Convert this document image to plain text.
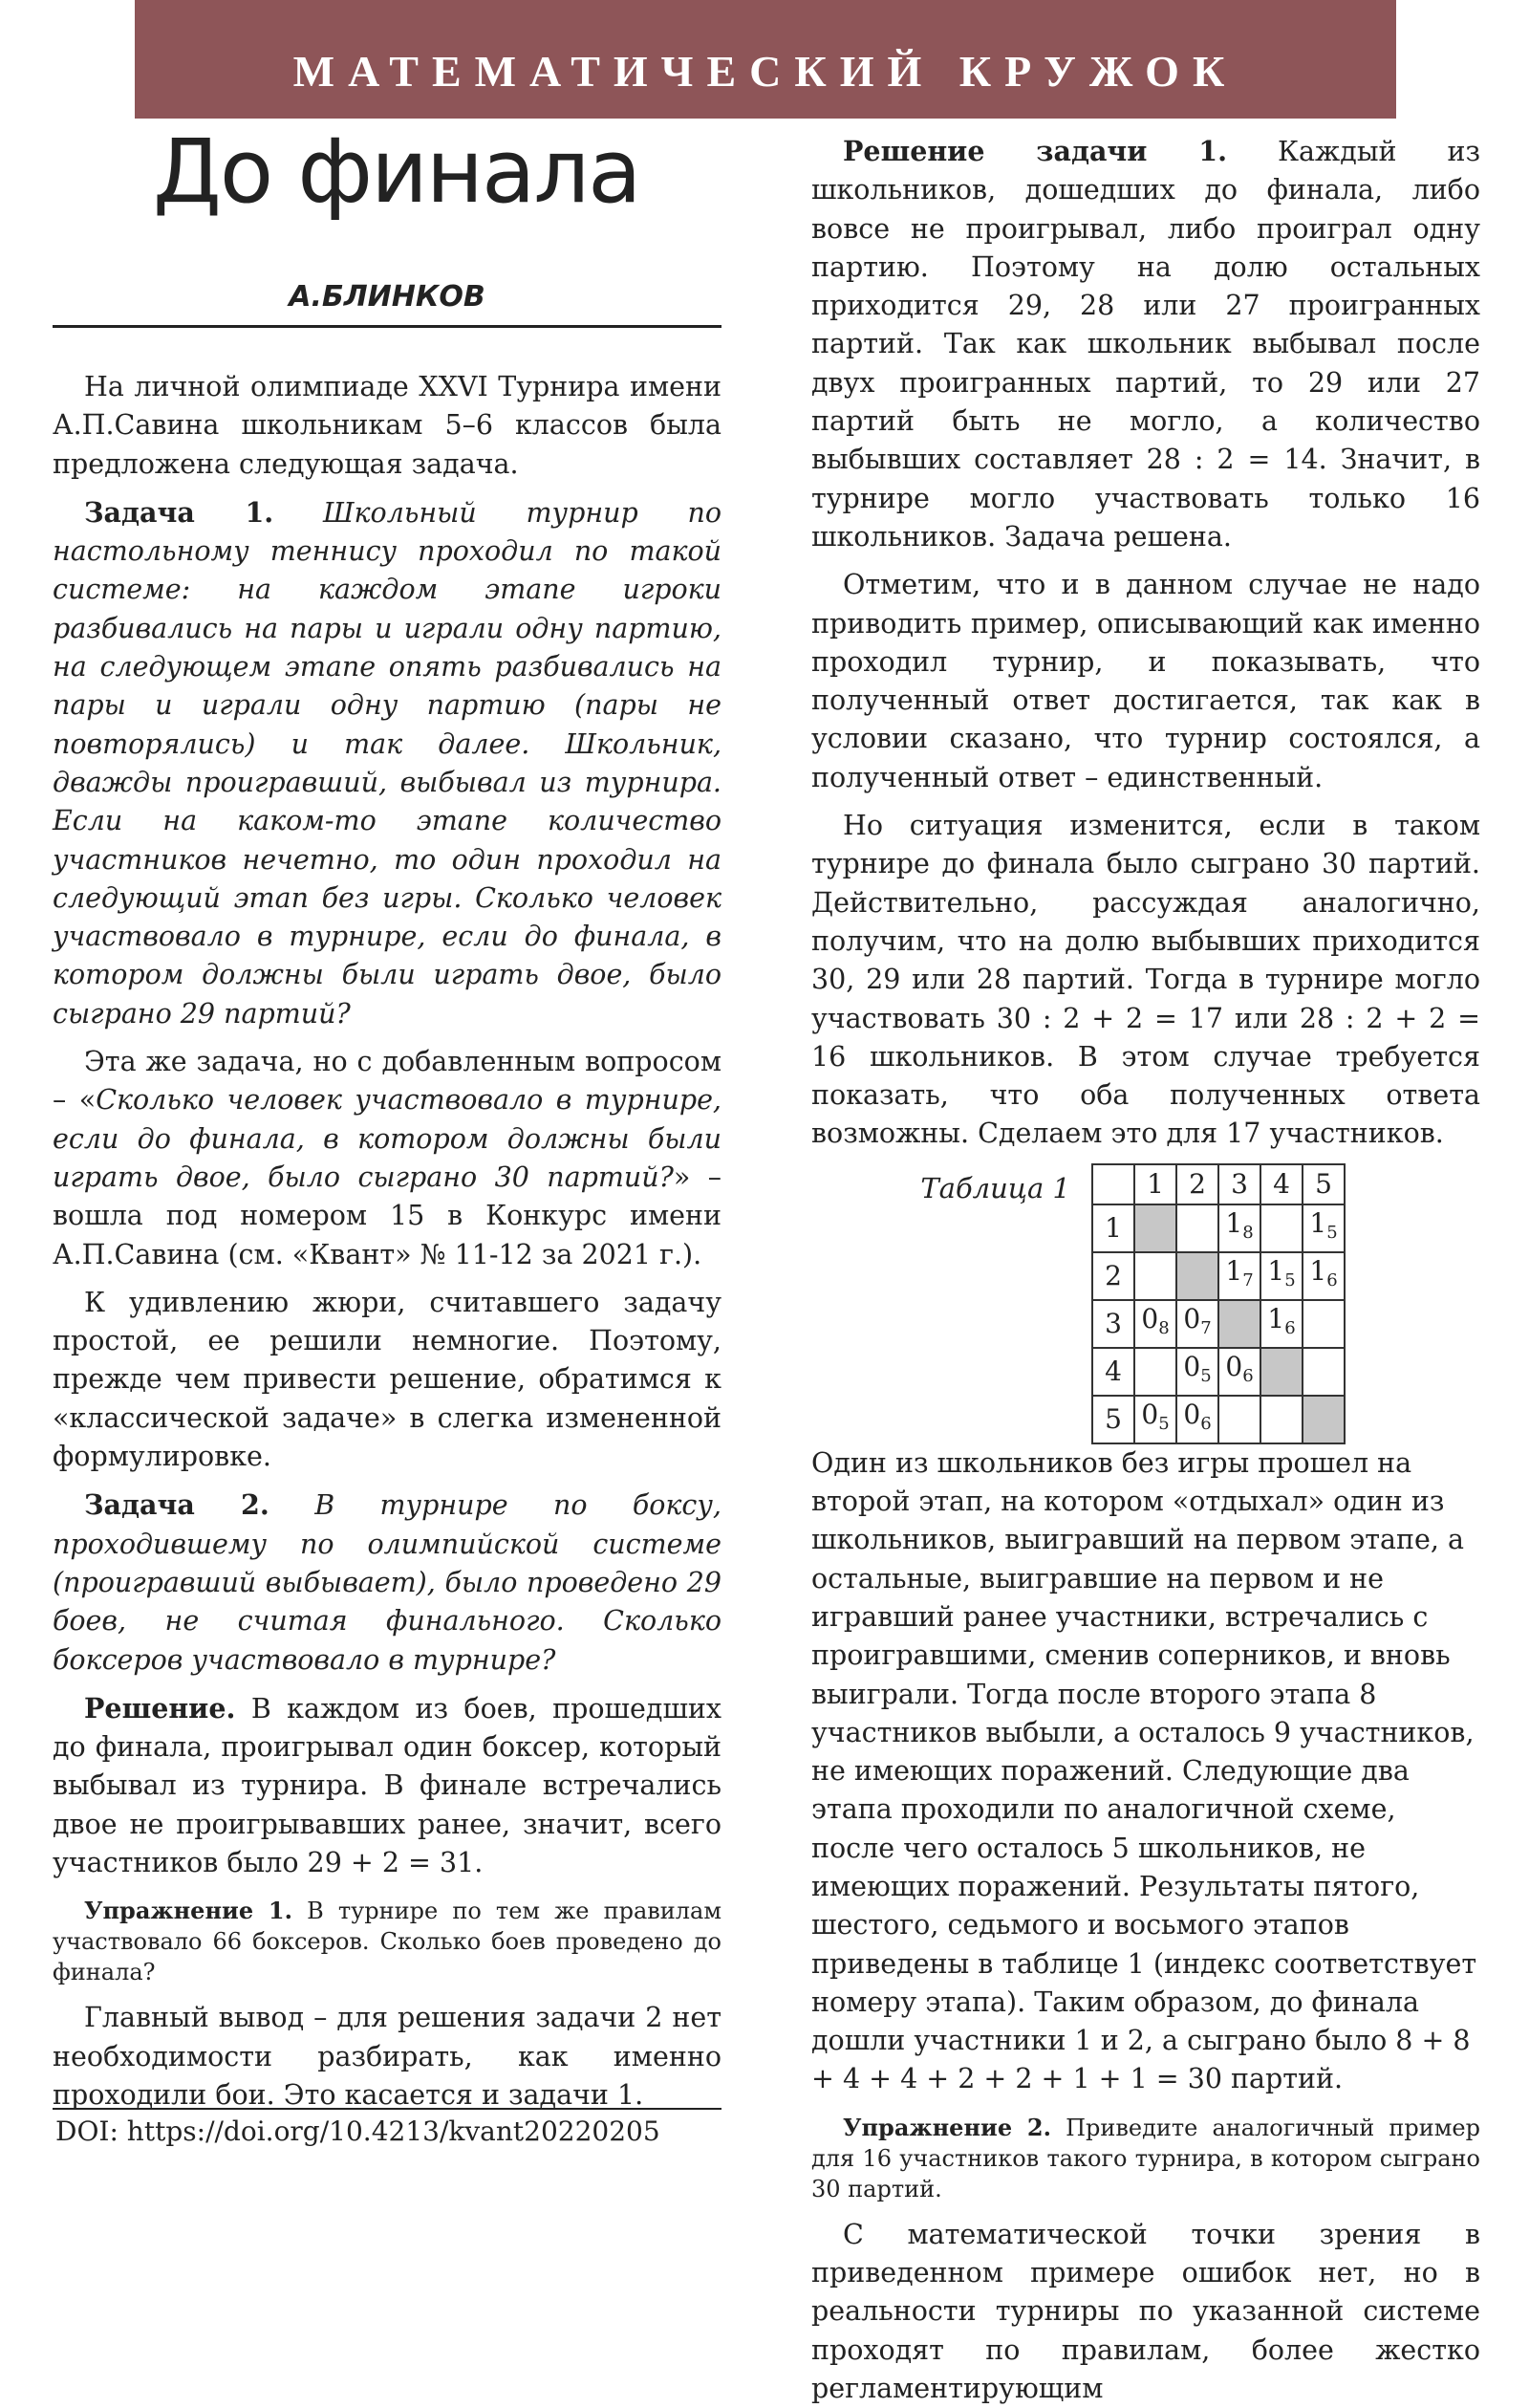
МАТЕМАТИЧЕСКИЙ КРУЖОК
До финала
А.БЛИНКОВ

На личной олимпиаде XXVI Турнира имени А.П.Савина школьникам 5–6 классов была предложена следующая задача.

Задача 1. Школьный турнир по настольному теннису проходил по такой системе: на каждом этапе игроки разбивались на пары и играли одну партию, на следующем этапе опять разбивались на пары и играли одну партию (пары не повторялись) и так далее. Школьник, дважды проигравший, выбывал из турнира. Если на каком-то этапе количество участников нечетно, то один проходил на следующий этап без игры. Сколько человек участвовало в турнире, если до финала, в котором должны были играть двое, было сыграно 29 партий?

Эта же задача, но с добавленным вопросом – «Сколько человек участвовало в турнире, если до финала, в котором должны были играть двое, было сыграно 30 партий?» – вошла под номером 15 в Конкурс имени А.П.Савина (см. «Квант» № 11-12 за 2021 г.).

К удивлению жюри, считавшего задачу простой, ее решили немногие. Поэтому, прежде чем привести решение, обратимся к «классической задаче» в слегка измененной формулировке.

Задача 2. В турнире по боксу, проходившему по олимпийской системе (проигравший выбывает), было проведено 29 боев, не считая финального. Сколько боксеров участвовало в турнире?

Решение. В каждом из боев, прошедших до финала, проигрывал один боксер, который выбывал из турнира. В финале встречались двое не проигрывавших ранее, значит, всего участников было 29 + 2 = 31.

Упражнение 1. В турнире по тем же правилам участвовало 66 боксеров. Сколько боев проведено до финала?

Главный вывод – для решения задачи 2 нет необходимости разбирать, как именно проходили бои. Это касается и задачи 1.

Решение задачи 1. Каждый из школьников, дошедших до финала, либо вовсе не проигрывал, либо проиграл одну партию. Поэтому на долю остальных приходится 29, 28 или 27 проигранных партий. Так как школьник выбывал после двух проигранных партий, то 29 или 27 партий быть не могло, а количество выбывших составляет 28 : 2 = 14. Значит, в турнире могло участвовать только 16 школьников. Задача решена.

Отметим, что и в данном случае не надо приводить пример, описывающий как именно проходил турнир, и показывать, что полученный ответ достигается, так как в условии сказано, что турнир состоялся, а полученный ответ – единственный.

Но ситуация изменится, если в таком турнире до финала было сыграно 30 партий. Действительно, рассуждая аналогично, получим, что на долю выбывших приходится 30, 29 или 28 партий. Тогда в турнире могло участвовать 30 : 2 + 2 = 17 или 28 : 2 + 2 = 16 школьников. В этом случае требуется показать, что оба полученных ответа возможны. Сделаем это для 17 участников.

Таблица 1

		1	2	3	4	5
1			$1_8$		$1_5$
2			$1_7$	$1_5$	$1_6$
3	$0_8$	$0_7$		$1_6$	
4		$0_5$	$0_6$		
5	$0_5$	$0_6$			
Один из школьников без игры прошел на второй этап, на котором «отдыхал» один из школьников, выигравший на первом этапе, а остальные, выигравшие на первом и не игравший ранее участники, встречались с проигравшими, сменив соперников, и вновь выиграли. Тогда после второго этапа 8 участников выбыли, а осталось 9 участников, не имеющих поражений. Следующие два этапа проходили по аналогичной схеме, после чего осталось 5 школьников, не имеющих поражений. Результаты пятого, шестого, седьмого и восьмого этапов приведены в таблице 1 (индекс соответствует номеру этапа). Таким образом, до финала дошли участники 1 и 2, а сыграно было 8 + 8 + 4 + 4 + 2 + 2 + 1 + 1 = 30 партий.

Упражнение 2. Приведите аналогичный пример для 16 участников такого турнира, в котором сыграно 30 партий.

С математической точки зрения в приведенном примере ошибок нет, но в реальности турниры по указанной системе проходят по правилам, более жестко регламентирующим

DOI: https://doi.org/10.4213/kvant20220205
